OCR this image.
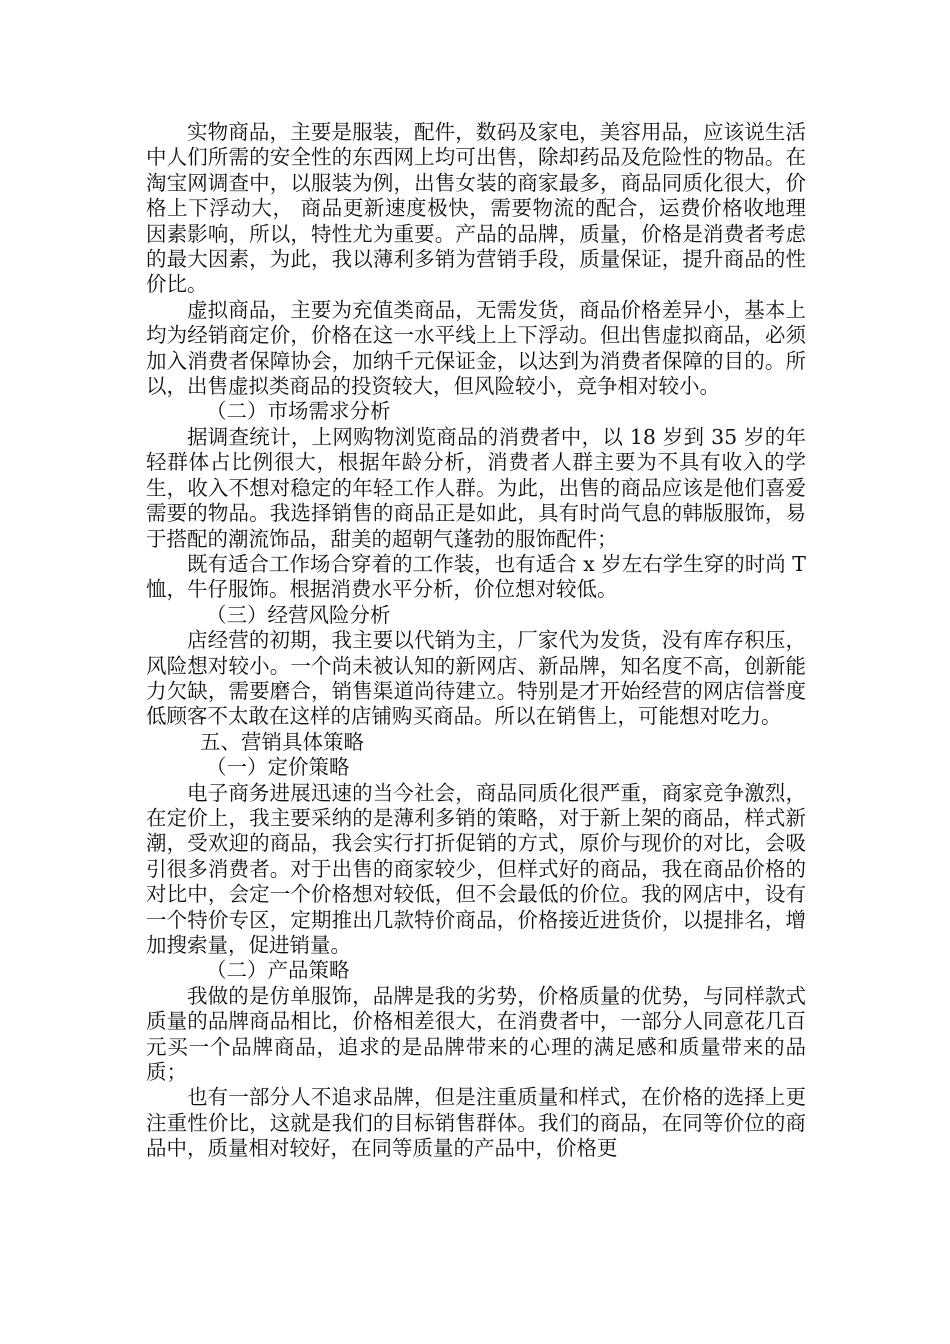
实物商品，主要是服装，配件，数码及家电，美容用品，应该说生活中人们所需的安全性的东西网上均可出售，除却药品及危险性的物品。在淘宝网调查中，以服装为例，出售女装的商家最多，商品同质化很大，价格上下浮动大， 商品更新速度极快，需要物流的配合，运费价格收地理因素影响，所以，特性尤为重要。产品的品牌，质量，价格是消费者考虑的最大因素，为此，我以薄利多销为营销手段，质量保证，提升商品的性价比。

虚拟商品，主要为充值类商品，无需发货，商品价格差异小，基本上均为经销商定价，价格在这一水平线上上下浮动。但出售虚拟商品，必须加入消费者保障协会，加纳千元保证金，以达到为消费者保障的目的。所以，出售虚拟类商品的投资较大，但风险较小，竞争相对较小。

（二）市场需求分析

据调查统计，上网购物浏览商品的消费者中，以 18 岁到 35 岁的年轻群体占比例很大，根据年龄分析，消费者人群主要为不具有收入的学生，收入不想对稳定的年轻工作人群。为此，出售的商品应该是他们喜爱需要的物品。我选择销售的商品正是如此，具有时尚气息的韩版服饰，易于搭配的潮流饰品，甜美的超朝气蓬勃的服饰配件；

既有适合工作场合穿着的工作装，也有适合 x 岁左右学生穿的时尚 T 恤，牛仔服饰。根据消费水平分析，价位想对较低。

（三）经营风险分析

店经营的初期，我主要以代销为主，厂家代为发货，没有库存积压，风险想对较小。一个尚未被认知的新网店、新品牌，知名度不高，创新能力欠缺，需要磨合，销售渠道尚待建立。特别是才开始经营的网店信誉度低顾客不太敢在这样的店铺购买商品。所以在销售上，可能想对吃力。

五、营销具体策略

（一）定价策略

电子商务进展迅速的当今社会，商品同质化很严重，商家竞争激烈，在定价上，我主要采纳的是薄利多销的策略，对于新上架的商品，样式新潮，受欢迎的商品，我会实行打折促销的方式，原价与现价的对比，会吸引很多消费者。对于出售的商家较少，但样式好的商品，我在商品价格的对比中，会定一个价格想对较低，但不会最低的价位。我的网店中，设有一个特价专区，定期推出几款特价商品，价格接近进货价，以提排名，增加搜索量，促进销量。

（二）产品策略

我做的是仿单服饰，品牌是我的劣势，价格质量的优势，与同样款式质量的品牌商品相比，价格相差很大，在消费者中，一部分人同意花几百元买一个品牌商品，追求的是品牌带来的心理的满足感和质量带来的品质；

也有一部分人不追求品牌，但是注重质量和样式，在价格的选择上更注重性价比，这就是我们的目标销售群体。我们的商品，在同等价位的商品中，质量相对较好，在同等质量的产品中，价格更
